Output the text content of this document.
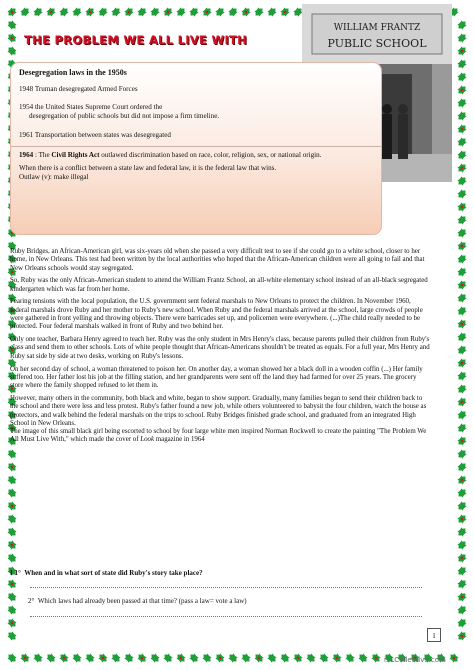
THE PROBLEM WE ALL LIVE WITH
WILLIAM FRANTZ
PUBLIC SCHOOL
Desegregation laws in the 1950s

1948 Truman desegregated Armed Forces

1954 the United States Supreme Court ordered the
desegregation of public schools but did not impose a firm timeline.

1961 Transportation between states was desegregated

1964 : The Civil Rights Act outlawed discrimination based on race, color, religion, sex, or national origin.

When there is a conflict between a state law and federal law, it is the federal law that wins.
Outlaw (v): make illegal

Ruby Bridges, an African-American girl, was six-years old when she passed a very difficult test to see if she could go to a white school, closer to her home, in New Orleans. This test had been written by the local authorities who hoped that the African-American children were all going to fail and that New Orleans schools would stay segregated.

So, Ruby was the only African-American student to attend the William Frantz School, an all-white elementary school instead of an all-black segregated kindergarten which was far from her home.

Fearing tensions with the local population, the U.S. government sent federal marshals to New Orleans to protect the children. In November 1960, federal marshals drove Ruby and her mother to Ruby's new school. When Ruby and the federal marshals arrived at the school, large crowds of people were gathered in front yelling and throwing objects. There were barricades set up, and policemen were everywhere. (...)The child really needed to be protected. Four federal marshals walked in front of Ruby and two behind her.

Only one teacher, Barbara Henry agreed to teach her. Ruby was the only student in Mrs Henry's class, because parents pulled their children from Ruby's class and send them to other schools. Lots of white people thought that African-Americans shouldn't be treated as equals. For a full year, Mrs Henry and Ruby sat side by side at two desks, working on Ruby's lessons.

On her second day of school, a woman threatened to poison her. On another day, a woman showed her a black doll in a wooden coffin (...) Her family suffered too. Her father lost his job at the filling station, and her grandparents were sent off the land they had farmed for over 25 years. The grocery store where the family shopped refused to let them in.

However, many others in the community, both black and white, began to show support. Gradually, many families began to send their children back to the school and there were less and less protest. Ruby's father found a new job, while others volunteered to babysit the four children, watch the house as protectors, and walk behind the federal marshals on the trips to school. Ruby Bridges finished grade school, and graduated from an integrated High School in New Orleans.

The image of this small black girl being escorted to school by four large white men inspired Norman Rockwell to create the painting "The Problem We All Must Live With," which made the cover of Look magazine in 1964

I 1° When and in what sort of state did Ruby's story take place?
2° Which laws had already been passed at that time? (pass a law= vote a law)
1
iSLCollective.com
